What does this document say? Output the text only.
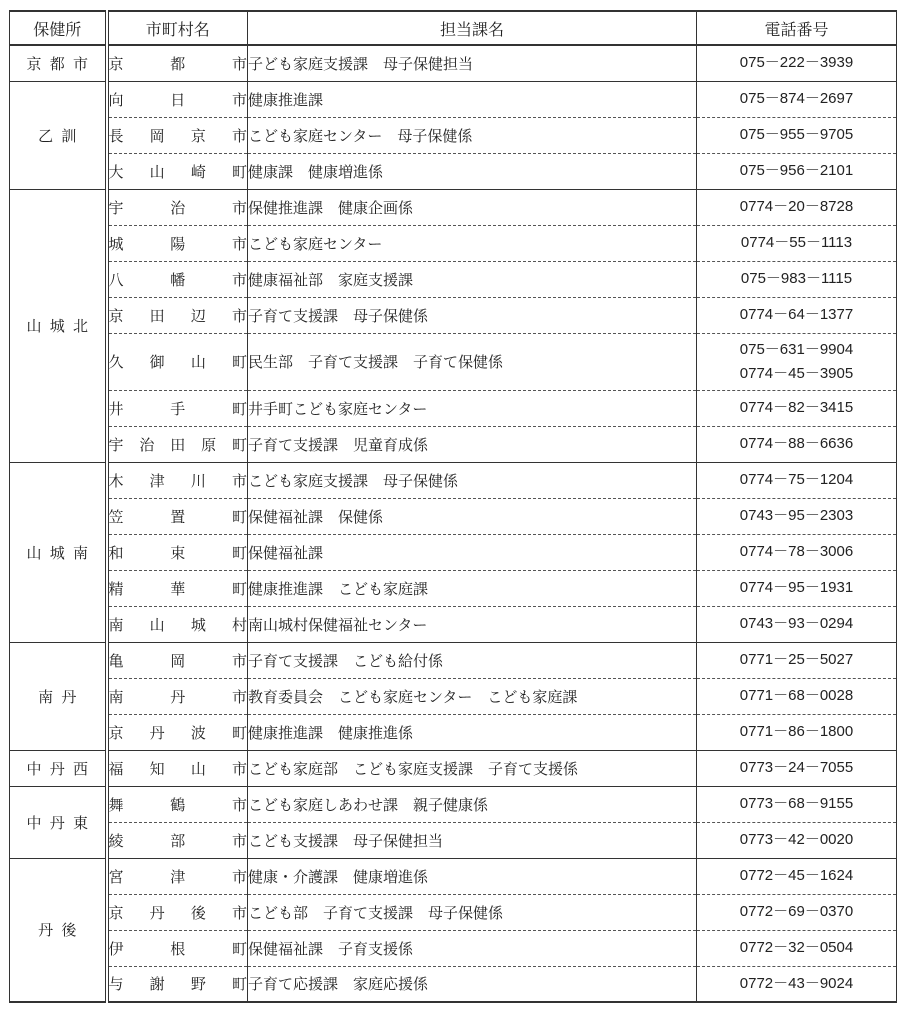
保健所	市町村名	担当課名	電話番号
京都市	京都市	子ども家庭支援課　母子保健担当	075－222－3939

乙訓	向日市	健康推進課	075－874－2697

	長岡京市	こども家庭センター　母子保健係	075－955－9705

	大山崎町	健康課　健康増進係	075－956－2101

山城北	宇治市	保健推進課　健康企画係	0774－20－8728

	城陽市	こども家庭センター	0774－55－1113

	八幡市	健康福祉部　家庭支援課	075－983－1115

	京田辺市	子育て支援課　母子保健係	0774－64－1377

	久御山町	民生部　子育て支援課　子育て保健係	075－631－9904
0774－45－3905

	井手町	井手町こども家庭センター	0774－82－3415

	宇治田原町	子育て支援課　児童育成係	0774－88－6636

山城南	木津川市	こども家庭支援課　母子保健係	0774－75－1204

	笠置町	保健福祉課　保健係	0743－95－2303

	和束町	保健福祉課	0774－78－3006

	精華町	健康推進課　こども家庭課	0774－95－1931

	南山城村	南山城村保健福祉センター	0743－93－0294

南丹	亀岡市	子育て支援課　こども給付係	0771－25－5027

	南丹市	教育委員会　こども家庭センター　こども家庭課	0771－68－0028

	京丹波町	健康推進課　健康推進係	0771－86－1800

中丹西	福知山市	こども家庭部　こども家庭支援課　子育て支援係	0773－24－7055

中丹東	舞鶴市	こども家庭しあわせ課　親子健康係	0773－68－9155

	綾部市	こども支援課　母子保健担当	0773－42－0020

丹後	宮津市	健康・介護課　健康増進係	0772－45－1624

	京丹後市	こども部　子育て支援課　母子保健係	0772－69－0370

	伊根町	保健福祉課　子育支援係	0772－32－0504

	与謝野町	子育て応援課　家庭応援係	0772－43－9024
